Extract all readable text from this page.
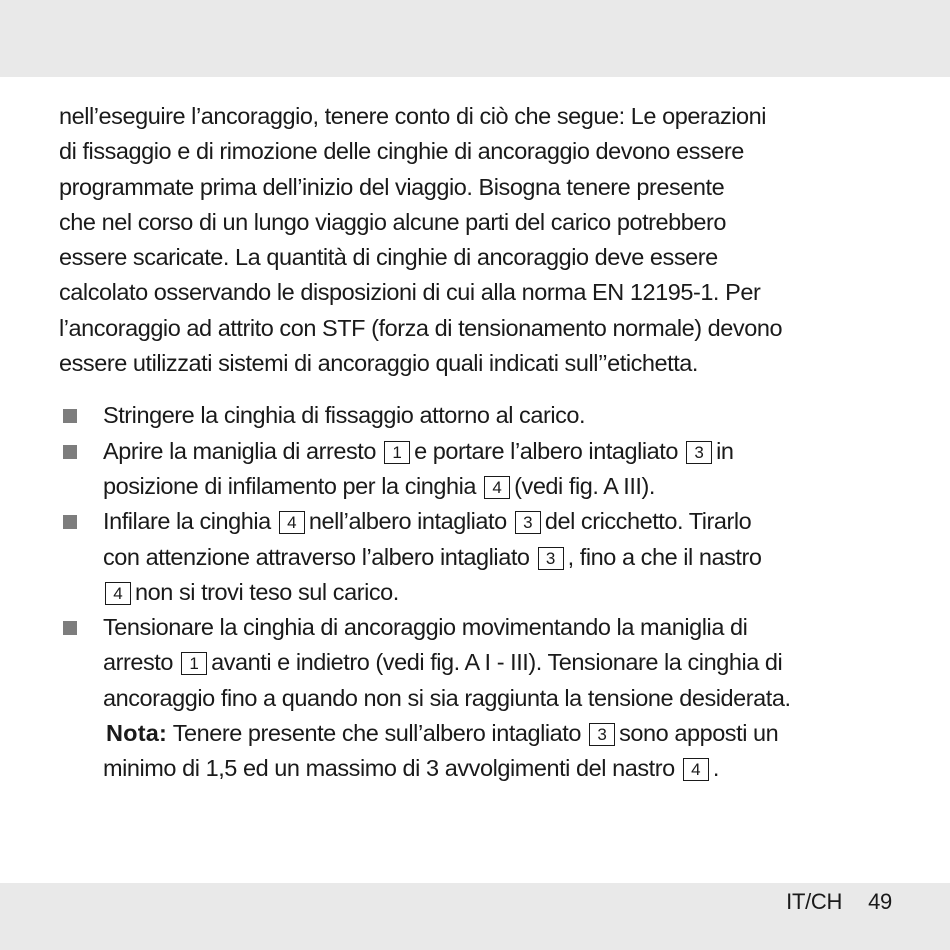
nell’eseguire l’ancoraggio, tenere conto di ciò che segue: Le operazioni
di fissaggio e di rimozione delle cinghie di ancoraggio devono essere
programmate prima dell’inizio del viaggio. Bisogna tenere presente
che nel corso di un lungo viaggio alcune parti del carico potrebbero
essere scaricate. La quantità di cinghie di ancoraggio deve essere
calcolato osservando le disposizioni di cui alla norma EN 12195-1. Per
l’ancoraggio ad attrito con STF (forza di tensionamento normale) devono
essere utilizzati sistemi di ancoraggio quali indicati sull’’etichetta.

Stringere la cinghia di fissaggio attorno al carico.
Aprire la maniglia di arresto 1 e portare l’albero intagliato 3 in
posizione di infilamento per la cinghia 4 (vedi fig. A III).
Infilare la cinghia 4 nell’albero intagliato 3 del cricchetto. Tirarlo
con attenzione attraverso l’albero intagliato 3 , fino a che il nastro
4 non si trovi teso sul carico.
Tensionare la cinghia di ancoraggio movimentando la maniglia di
arresto 1 avanti e indietro (vedi fig. A I - III). Tensionare la cinghia di
ancoraggio fino a quando non si sia raggiunta la tensione desiderata.
Nota: Tenere presente che sull’albero intagliato 3 sono apposti un
minimo di 1,5 ed un massimo di 3 avvolgimenti del nastro 4 .
IT/CH 49
